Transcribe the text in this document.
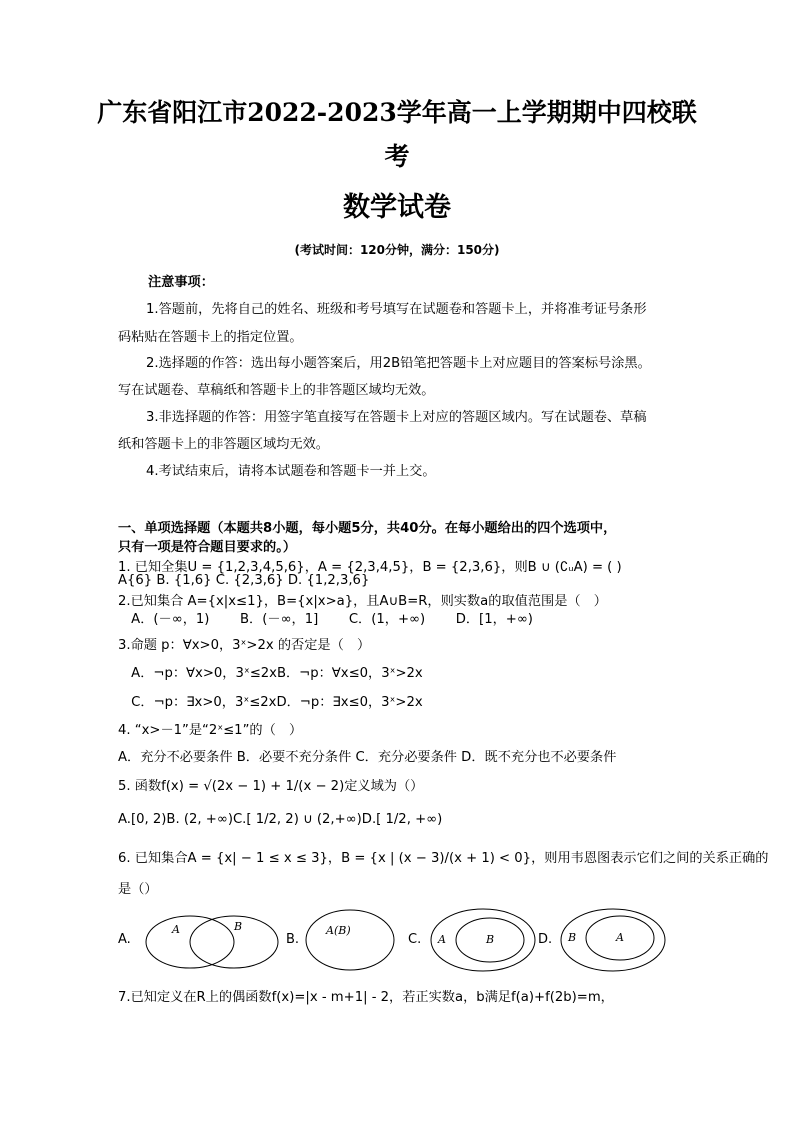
广东省阳江市2022-2023学年高一上学期期中四校联
考
数学试卷
(考试时间：120分钟，满分：150分)
注意事项：
1.答题前，先将自己的姓名、班级和考号填写在试题卷和答题卡上，并将准考证号条形
码粘贴在答题卡上的指定位置。
2.选择题的作答：选出每小题答案后，用2B铅笔把答题卡上对应题目的答案标号涂黑。
写在试题卷、草稿纸和答题卡上的非答题区域均无效。
3.非选择题的作答：用签字笔直接写在答题卡上对应的答题区域内。写在试题卷、草稿
纸和答题卡上的非答题区域均无效。
4.考试结束后，请将本试题卷和答题卡一并上交。
一、单项选择题（本题共8小题，每小题5分，共40分。在每小题给出的四个选项中，
只有一项是符合题目要求的。）
1. 已知全集U = {1,2,3,4,5,6}，A = {2,3,4,5}，B = {2,3,6}，则B ∪ (∁ᵤA) = ( )
A{6} B. {1,6} C. {2,3,6} D. {1,2,3,6}
2.已知集合 A={x|x≤1}，B={x|x>a}，且A∪B=R，则实数a的取值范围是（　）
　A．(－∞，1)　　 B．(－∞，1]　　 C．(1，+∞)　　 D．[1，+∞)
3.命题 p：∀x>0，3ˣ>2x 的否定是（　）
　A．¬p：∀x>0，3ˣ≤2xB．¬p：∀x≤0，3ˣ>2x
　C．¬p：∃x>0，3ˣ≤2xD．¬p：∃x≤0，3ˣ>2x
4. “x>－1”是“2ˣ≤1”的（　）
A．充分不必要条件 B．必要不充分条件 C．充分必要条件 D．既不充分也不必要条件
5. 函数f(x) = √(2x − 1) + 1/(x − 2)定义域为（）
A.[0, 2)B. (2, +∞)C.[ 1/2, 2) ∪ (2,+∞)D.[ 1/2, +∞)
6. 已知集合A = {x| − 1 ≤ x ≤ 3}，B = {x | (x − 3)/(x + 1) < 0}，则用韦恩图表示它们之间的关系正确的
是（）
A.
A	B
B.
A(B)
C. A	B	D. B	A
7.已知定义在R上的偶函数f(x)=|x - m+1| - 2，若正实数a，b满足f(a)+f(2b)=m，
